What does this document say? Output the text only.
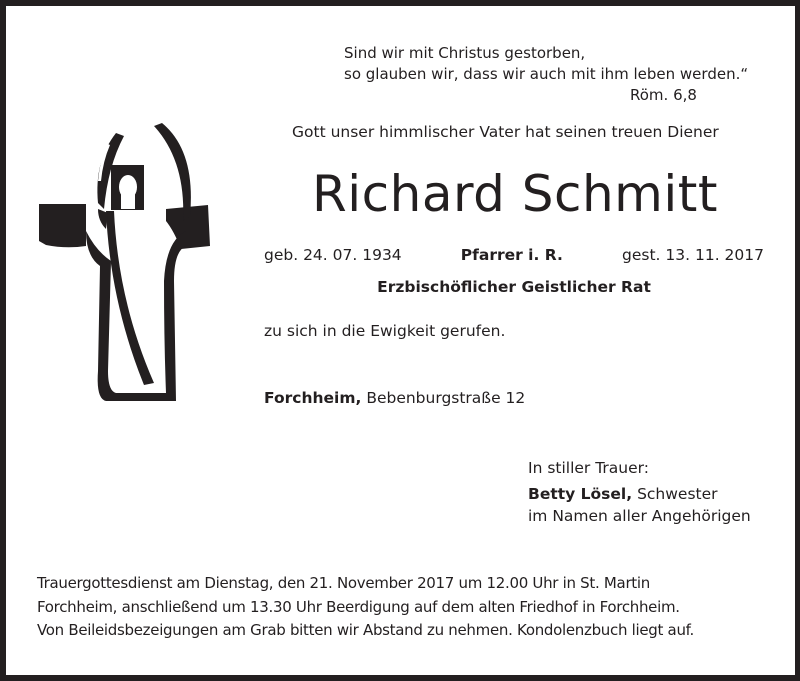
Sind wir mit Christus gestorben,
so glauben wir, dass wir auch mit ihm leben werden.“
Röm. 6,8
Gott unser himmlischer Vater hat seinen treuen Diener
Richard Schmitt
geb. 24. 07. 1934	Pfarrer i. R.	gest. 13. 11. 2017
Erzbischöflicher Geistlicher Rat
zu sich in die Ewigkeit gerufen.
Forchheim, Bebenburgstraße 12
In stiller Trauer:
Betty Lösel, Schwester
im Namen aller Angehörigen
Trauergottesdienst am Dienstag, den 21. November 2017 um 12.00 Uhr in St. Martin
Forchheim, anschließend um 13.30 Uhr Beerdigung auf dem alten Friedhof in Forchheim.
Von Beileidsbezeigungen am Grab bitten wir Abstand zu nehmen. Kondolenzbuch liegt auf.
